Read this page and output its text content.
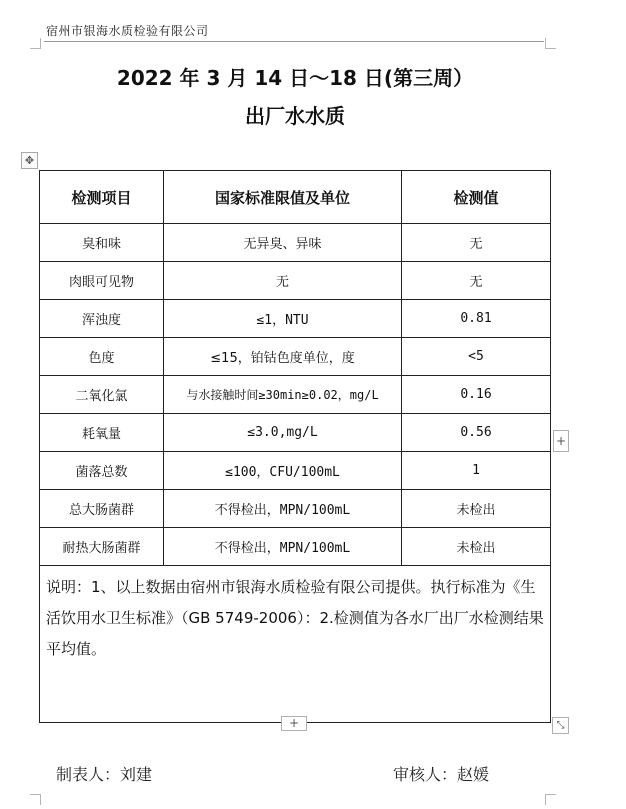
宿州市银海水质检验有限公司
2022 年 3 月 14 日～18 日(第三周）
出厂水水质
✥
检测项目	国家标准限值及单位	检测值
臭和味	无异臭、异味	无
肉眼可见物	无	无
浑浊度	≤1，NTU	0.81
色度	≤15，铂钴色度单位，度	<5
二氧化氯	与水接触时间≥30min≥0.02，mg/L	0.16
耗氧量	≤3.0,mg/L	0.56
菌落总数	≤100，CFU/100mL	1
总大肠菌群	不得检出，MPN/100mL	未检出
耐热大肠菌群	不得检出，MPN/100mL	未检出
说明：1、以上数据由宿州市银海水质检验有限公司提供。执行标准为《生活饮用水卫生标准》（GB 5749-2006）：2.检测值为各水厂出厂水检测结果平均值。		
+
+	⤡
制表人：刘建	审核人：赵媛
